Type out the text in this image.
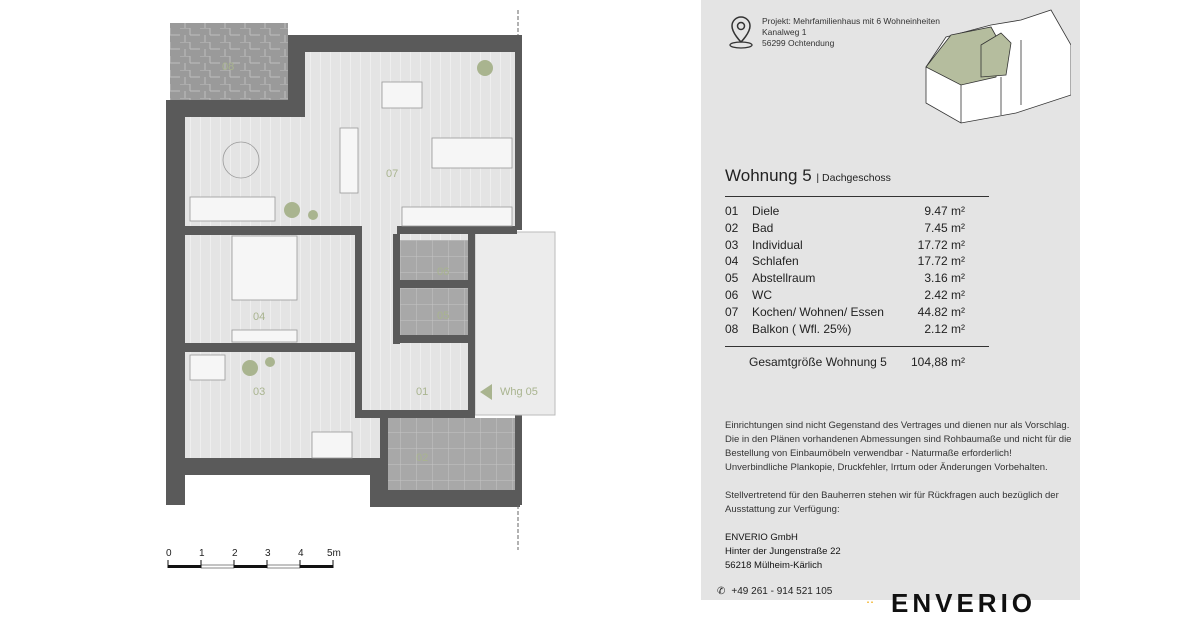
08
07
04
03
06
05
01
02
Whg 05
0	1	2	3	4 5m
Projekt: Mehrfamilienhaus mit 6 Wohneinheiten
Kanalweg 1
56299 Ochtendung
Wohnung 5 | Dachgeschoss
01	Diele	9.47 m²
02	Bad	7.45 m²
03	Individual	17.72 m²
04	Schlafen	17.72 m²
05	Abstellraum	3.16 m²
06	WC	2.42 m²
07	Kochen/ Wohnen/ Essen	44.82 m²
08	Balkon ( Wfl. 25%)	2.12 m²
Gesamtgröße Wohnung 5 104,88 m²
Einrichtungen sind nicht Gegenstand des Vertrages und dienen nur als Vorschlag.
Die in den Plänen vorhandenen Abmessungen sind Rohbaumaße und nicht für die
Bestellung von Einbaumöbeln verwendbar - Naturmaße erforderlich!
Unverbindliche Plankopie, Druckfehler, Irrtum oder Änderungen Vorbehalten.
Stellvertretend für den Bauherren stehen wir für Rückfragen auch bezüglich der
Ausstattung zur Verfügung:
ENVERIO GmbH
Hinter der Jungenstraße 22
56218 Mülheim-Kärlich
✆ +49 261 - 914 521 105
․․ ENVERIO
